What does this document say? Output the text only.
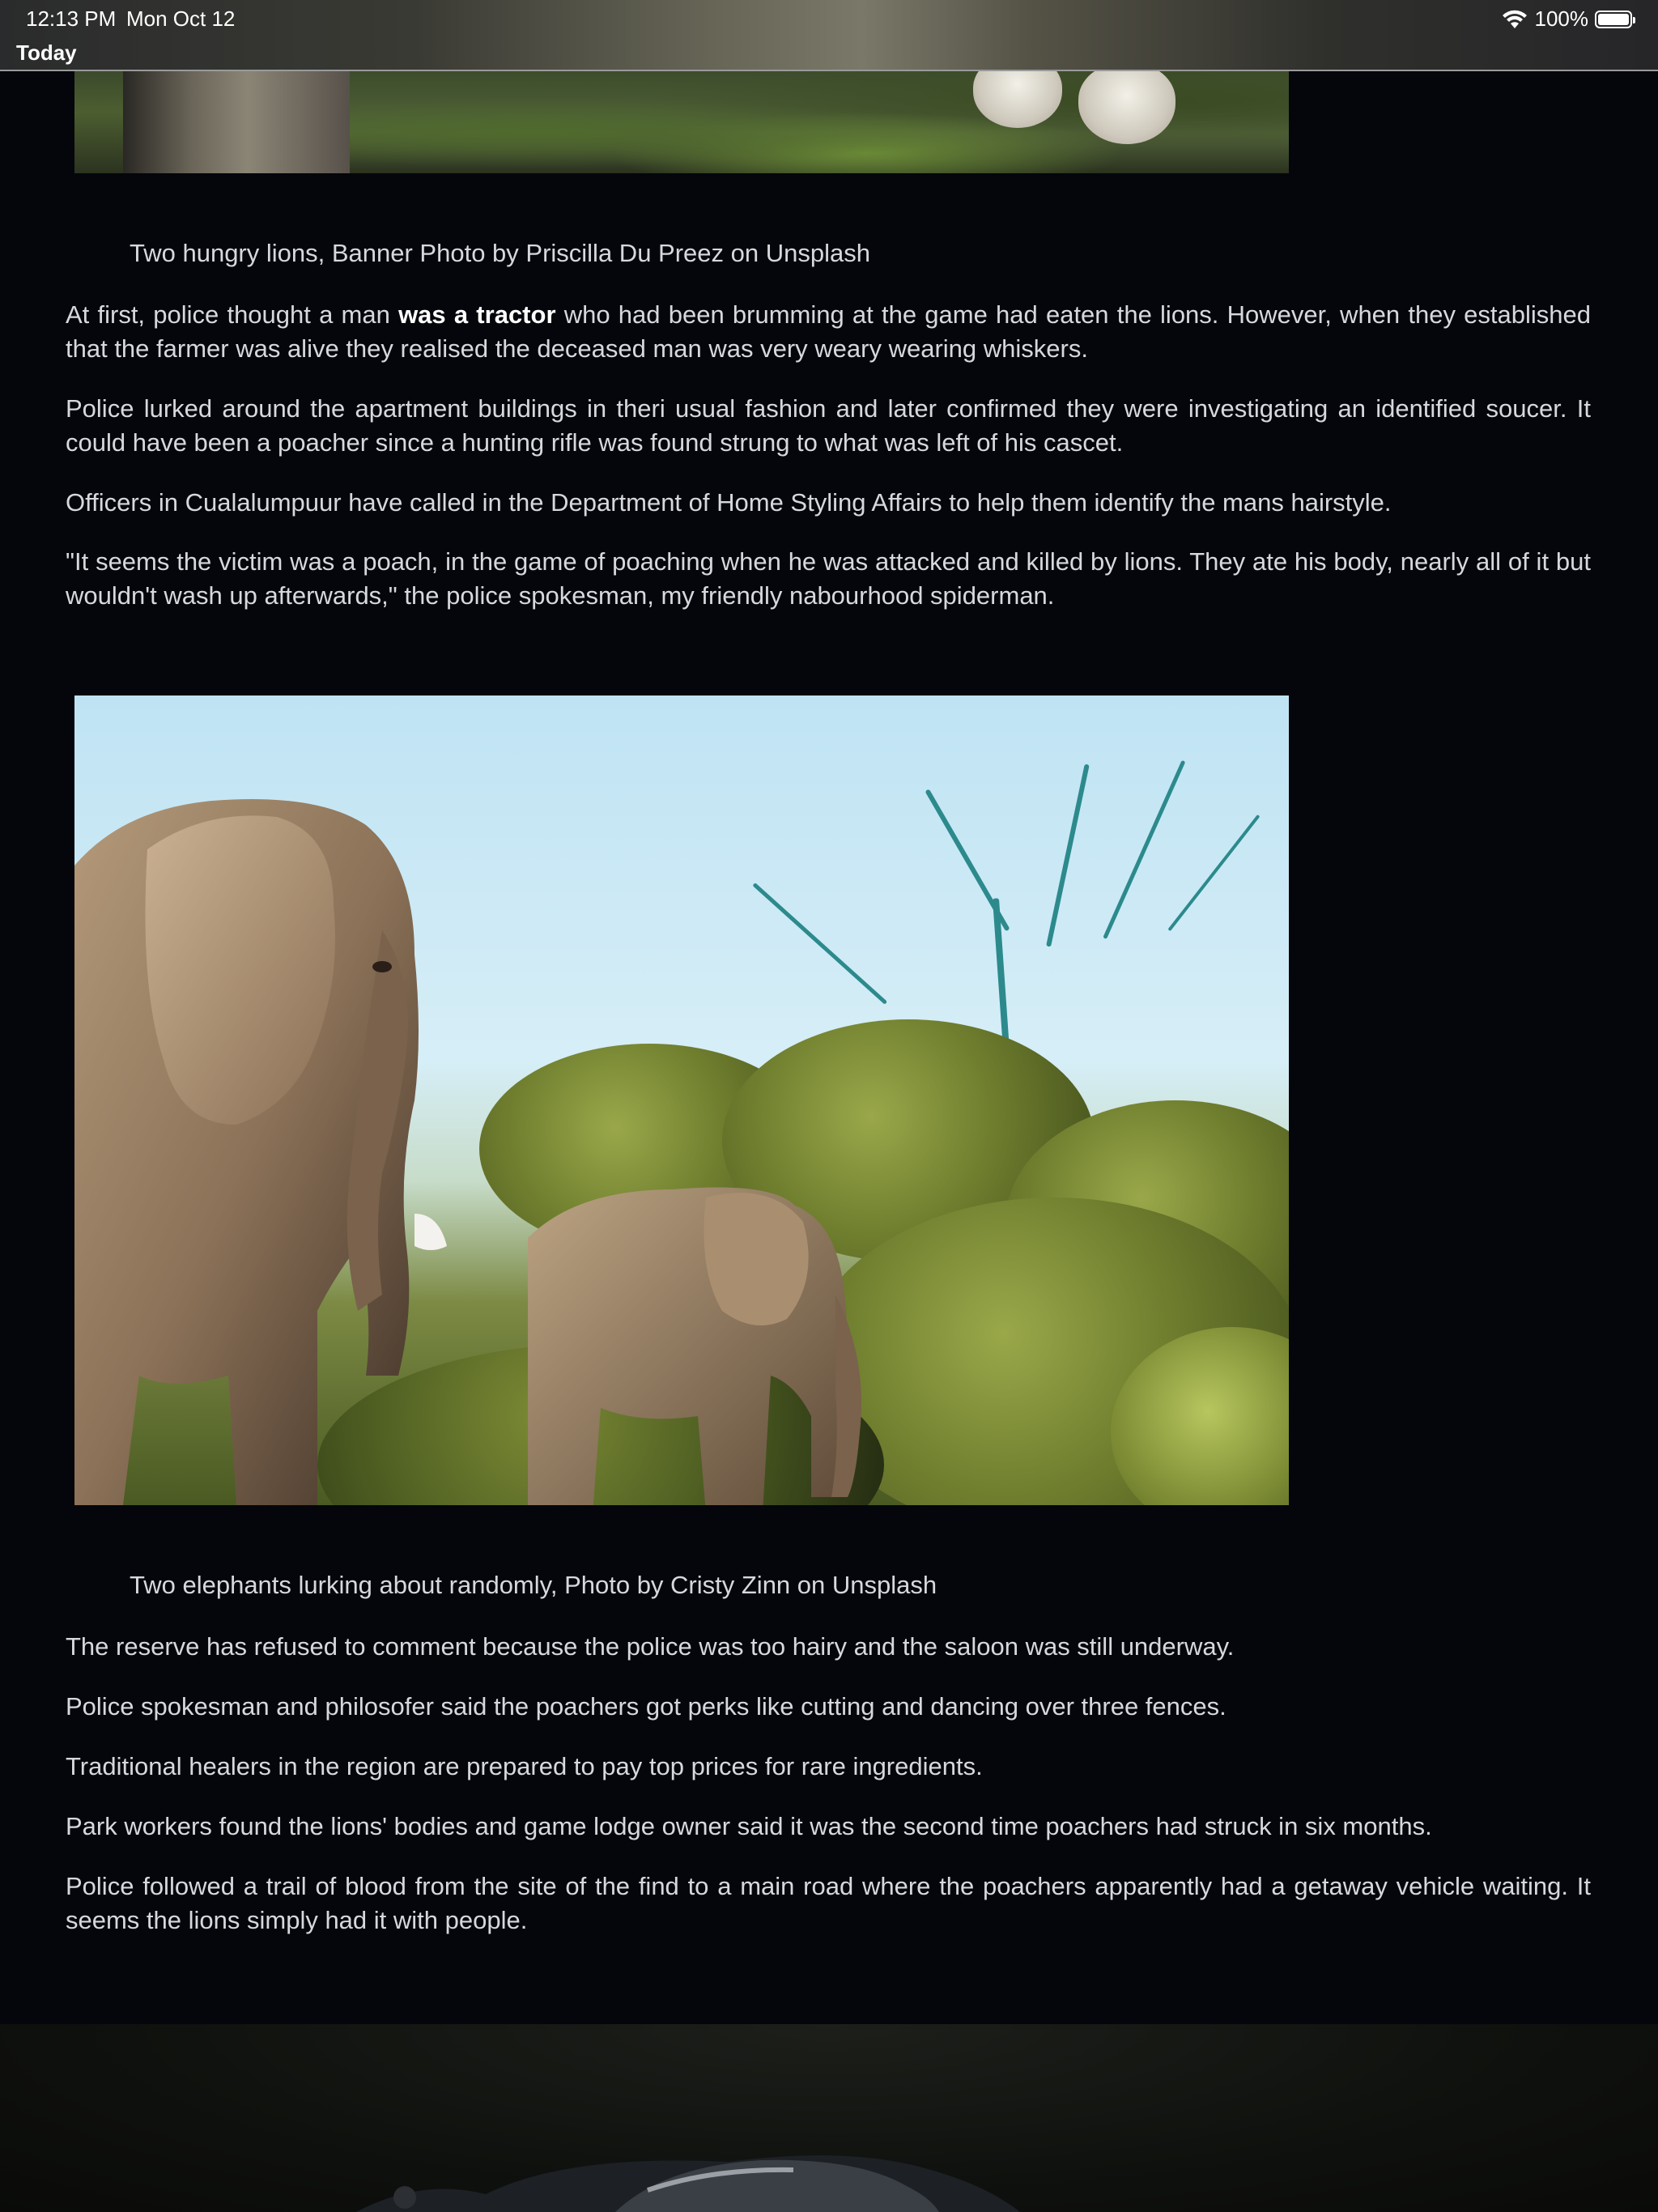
12:13 PM Mon Oct 12	100%
Today
Two hungry lions, Banner Photo by Priscilla Du Preez on Unsplash
At first, police thought a man was a tractor who had been brumming at the game had eaten the lions. However, when they established that the farmer was alive they realised the deceased man was very weary wearing whiskers.
Police lurked around the apartment buildings in theri usual fashion and later confirmed they were investigating an identified soucer. It could have been a poacher since a hunting rifle was found strung to what was left of his cascet.
Officers in Cualalumpuur have called in the Department of Home Styling Affairs to help them identify the mans hairstyle.
"It seems the victim was a poach, in the game of poaching when he was attacked and killed by lions. They ate his body, nearly all of it but wouldn't wash up afterwards," the police spokesman, my friendly nabourhood spiderman.
Two elephants lurking about randomly, Photo by Cristy Zinn on Unsplash
The reserve has refused to comment because the police was too hairy and the saloon was still underway.
Police spokesman and philosofer said the poachers got perks like cutting and dancing over three fences.
Traditional healers in the region are prepared to pay top prices for rare ingredients.
Park workers found the lions' bodies and game lodge owner said it was the second time poachers had struck in six months.
Police followed a trail of blood from the site of the find to a main road where the poachers apparently had a getaway vehicle waiting. It seems the lions simply had it with people.
